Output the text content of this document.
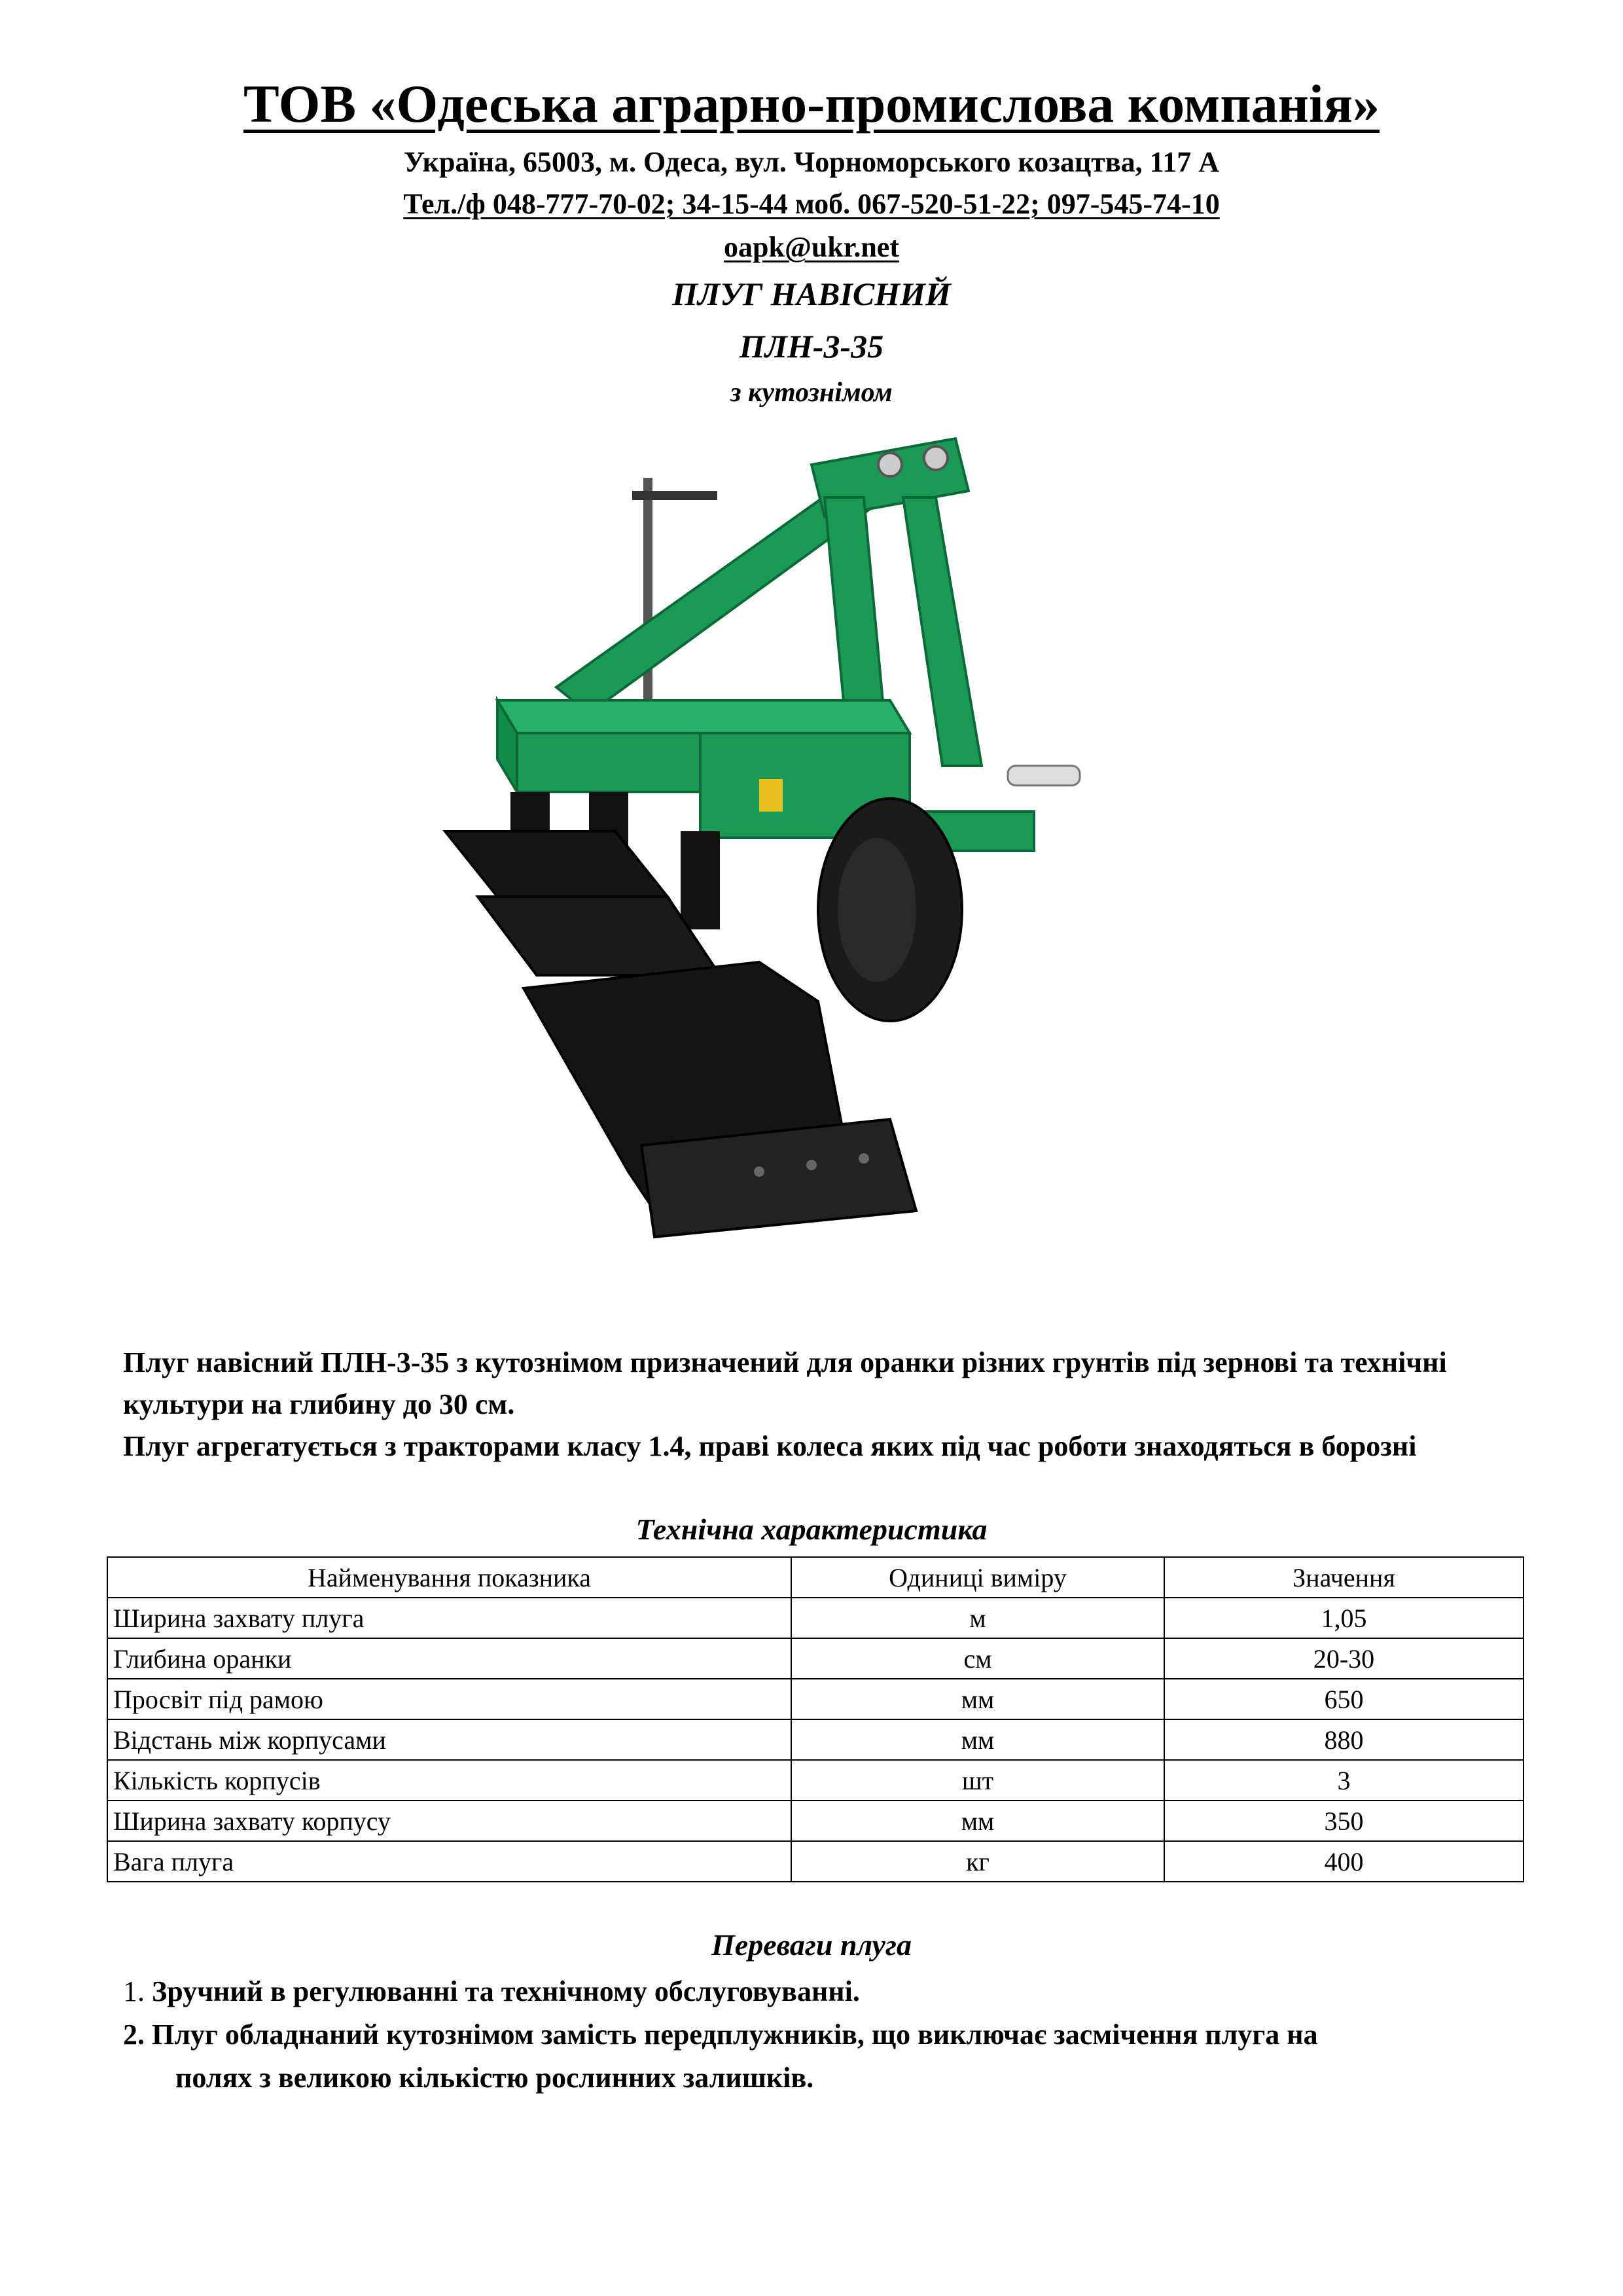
ТОВ «Одеська аграрно-промислова компанія»
Україна, 65003, м. Одеса, вул. Чорноморського козацтва, 117 А
Тел./ф 048-777-70-02; 34-15-44 моб. 067-520-51-22; 097-545-74-10
oapk@ukr.net
ПЛУГ НАВІСНИЙ
ПЛН-3-35
з кутознімом
Плуг навісний ПЛН-3-35 з кутознімом призначений для оранки різних грунтів під зернові та технічні культури на глибину до 30 см.
Плуг агрегатується з тракторами класу 1.4, праві колеса яких під час роботи знаходяться в борозні
Технічна характеристика
Найменування показника	Одиниці виміру	Значення
Ширина захвату плуга	м	1,05
Глибина оранки	см	20-30
Просвіт під рамою	мм	650
Відстань між корпусами	мм	880
Кількість корпусів	шт	3
Ширина захвату корпусу	мм	350
Вага плуга	кг	400
Переваги плуга
1. Зручний в регулюванні та технічному обслуговуванні.
2. Плуг обладнаний кутознімом замість передплужників, що виключає засмічення плуга на
полях з великою кількістю рослинних залишків.
